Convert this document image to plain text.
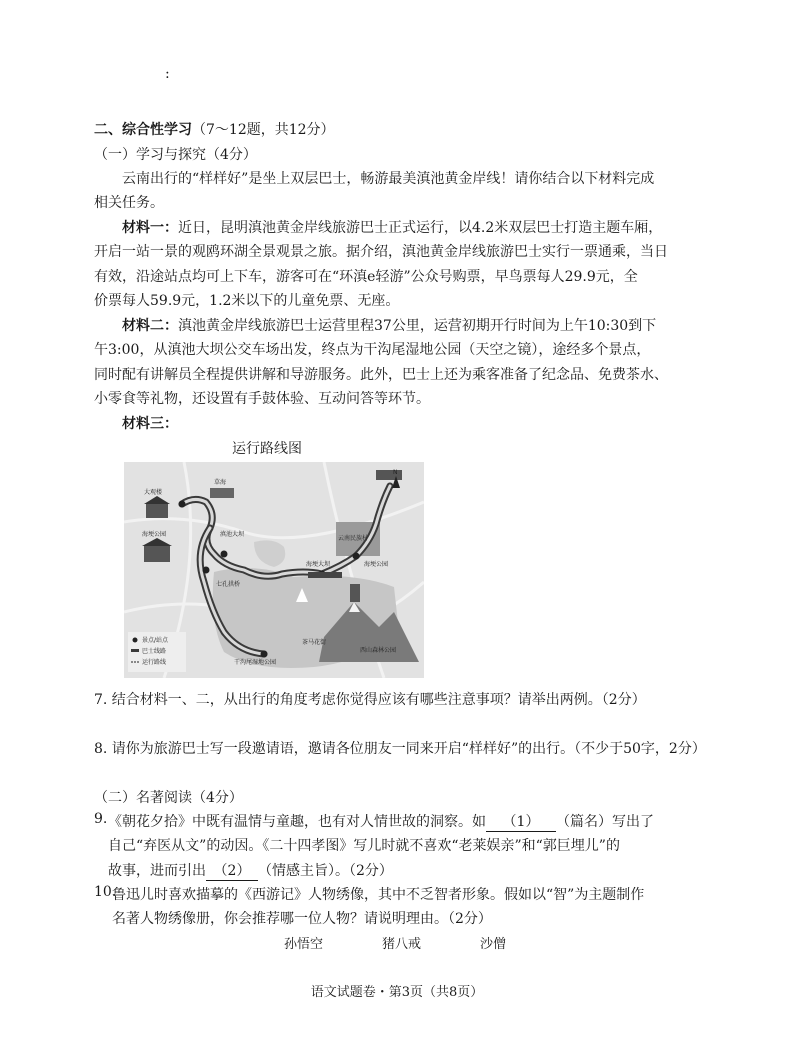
:
二、综合性学习（7～12题，共12分）
（一）学习与探究（4分）
云南出行的“样样好”是坐上双层巴士，畅游最美滇池黄金岸线！请你结合以下材料完成
相关任务。
材料一：近日，昆明滇池黄金岸线旅游巴士正式运行，以4.2米双层巴士打造主题车厢，
开启一站一景的观鸥环湖全景观景之旅。据介绍，滇池黄金岸线旅游巴士实行一票通乘，当日
有效，沿途站点均可上下车，游客可在“环滇e轻游”公众号购票，早鸟票每人29.9元，全
价票每人59.9元，1.2米以下的儿童免票、无座。
材料二：滇池黄金岸线旅游巴士运营里程37公里，运营初期开行时间为上午10:30到下
午3:00，从滇池大坝公交车场出发，终点为干沟尾湿地公园（天空之镜），途经多个景点，
同时配有讲解员全程提供讲解和导游服务。此外，巴士上还为乘客准备了纪念品、免费茶水、
小零食等礼物，还设置有手鼓体验、互动问答等环节。
材料三：
运行路线图
N
大观楼
草海
海埂公园	滇池大坝
云南民族村
海埂大坝	海埂公园
七孔拱桥
西山森林公园
干沟尾湿地公园
茶马花街
景点/站点
巴士线路
运行路线
7. 结合材料一、二，从出行的角度考虑你觉得应该有哪些注意事项？请举出两例。（2分）
8. 请你为旅游巴士写一段邀请语，邀请各位朋友一同来开启“样样好”的出行。（不少于50字，2分）
（二）名著阅读（4分）
9. 《朝花夕拾》中既有温情与童趣，也有对人情世故的洞察。如 （1） （篇名）写出了
自己“弃医从文”的动因。《二十四孝图》写儿时就不喜欢“老莱娱亲”和“郭巨埋儿”的
故事，进而引出 （2） （情感主旨）。（2分）
10.
鲁迅儿时喜欢描摹的《西游记》人物绣像，其中不乏智者形象。假如以“智”为主题制作
名著人物绣像册，你会推荐哪一位人物？请说明理由。（2分）
孙悟空	猪八戒	沙僧
语文试题卷・第3页（共8页）
